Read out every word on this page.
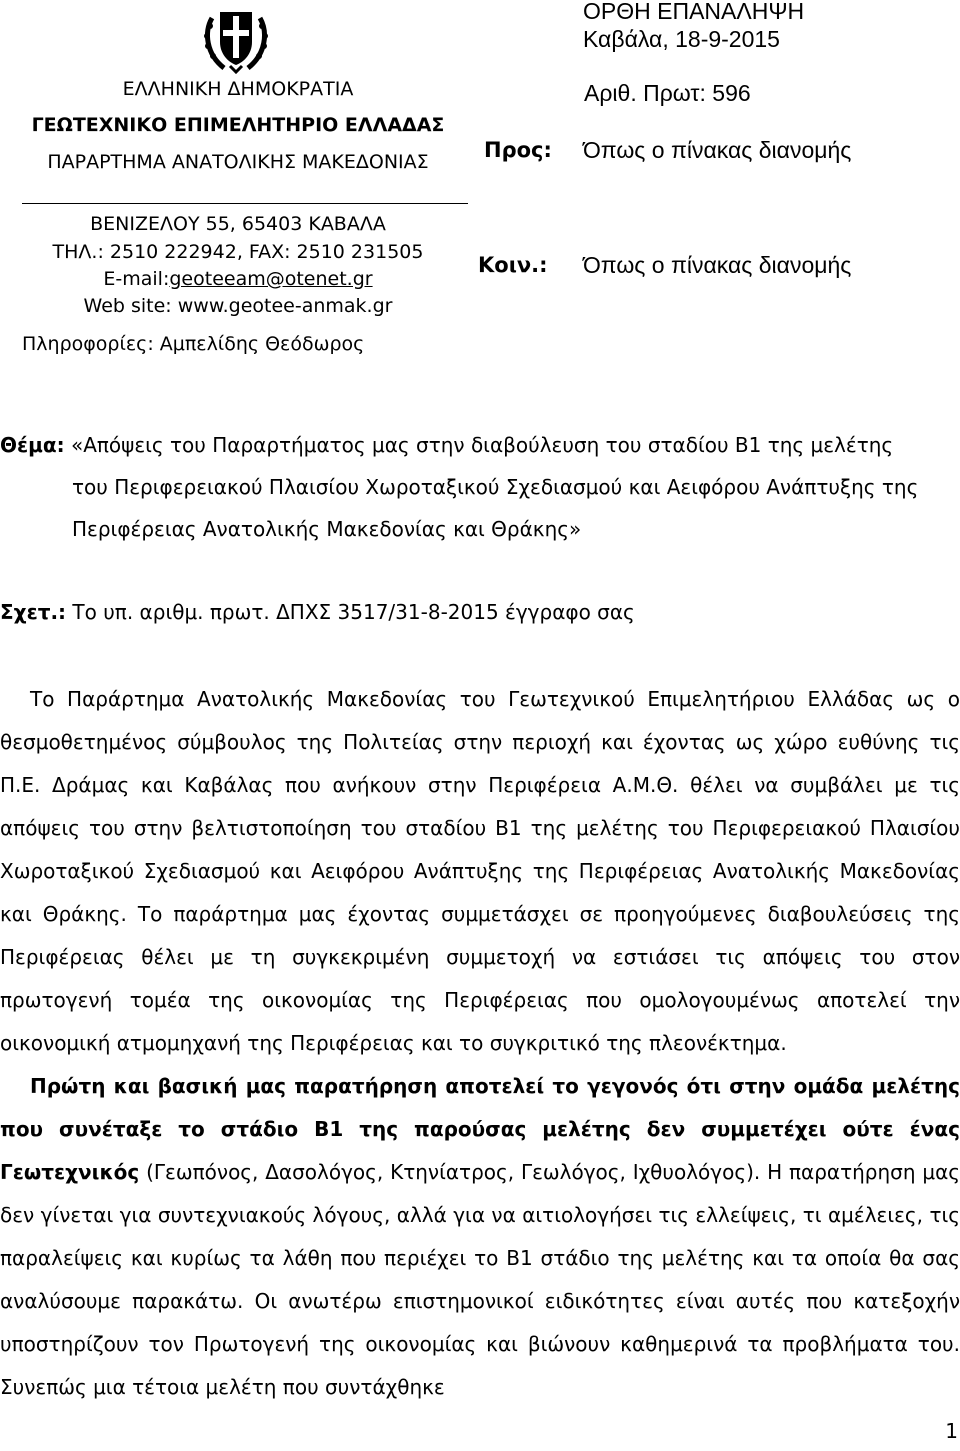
ΕΛΛΗΝΙΚΗ ΔΗΜΟΚΡΑΤΙΑ
ΓΕΩΤΕΧΝΙΚΟ ΕΠΙΜΕΛΗΤΗΡΙΟ ΕΛΛΑΔΑΣ
ΠΑΡΑΡΤΗΜΑ ΑΝΑΤΟΛΙΚΗΣ ΜΑΚΕΔΟΝΙΑΣ
ΒΕΝΙΖΕΛΟΥ 55, 65403 ΚΑΒΑΛΑ
ΤΗΛ.: 2510 222942, FAX: 2510 231505
E-mail:geoteeam@otenet.gr
Web site: www.geotee-anmak.gr
Πληροφορίες: Αμπελίδης Θεόδωρος
ΟΡΘΗ ΕΠΑΝΑΛΗΨΗ
Καβάλα, 18-9-2015
Αριθ. Πρωτ: 596
Προς: Όπως ο πίνακας διανομής
Κοιν.: Όπως ο πίνακας διανομής
Θέμα: «Απόψεις του Παραρτήματος μας στην διαβούλευση του σταδίου Β1 της μελέτης
του Περιφερειακού Πλαισίου Χωροταξικού Σχεδιασμού και Αειφόρου Ανάπτυξης της
Περιφέρειας Ανατολικής Μακεδονίας και Θράκης»
Σχετ.: Το υπ. αριθμ. πρωτ. ΔΠΧΣ 3517/31-8-2015 έγγραφο σας

Το Παράρτημα Ανατολικής Μακεδονίας του Γεωτεχνικού Επιμελητήριου Ελλάδας ως ο θεσμοθετημένος σύμβουλος της Πολιτείας στην περιοχή και έχοντας ως χώρο ευθύνης τις Π.Ε. Δράμας και Καβάλας που ανήκουν στην Περιφέρεια Α.Μ.Θ. θέλει να συμβάλει με τις απόψεις του στην βελτιστοποίηση του σταδίου Β1 της μελέτης του Περιφερειακού Πλαισίου Χωροταξικού Σχεδιασμού και Αειφόρου Ανάπτυξης της Περιφέρειας Ανατολικής Μακεδονίας και Θράκης. Το παράρτημα μας έχοντας συμμετάσχει σε προηγούμενες διαβουλεύσεις της Περιφέρειας θέλει με τη συγκεκριμένη συμμετοχή να εστιάσει τις απόψεις του στον πρωτογενή τομέα της οικονομίας της Περιφέρειας που ομολογουμένως αποτελεί την οικονομική ατμομηχανή της Περιφέρειας και το συγκριτικό της πλεονέκτημα.

Πρώτη και βασική μας παρατήρηση αποτελεί το γεγονός ότι στην ομάδα μελέτης που συνέταξε το στάδιο Β1 της παρούσας μελέτης δεν συμμετέχει ούτε ένας Γεωτεχνικός (Γεωπόνος, Δασολόγος, Κτηνίατρος, Γεωλόγος, Ιχθυολόγος). Η παρατήρηση μας δεν γίνεται για συντεχνιακούς λόγους, αλλά για να αιτιολογήσει τις ελλείψεις, τι αμέλειες, τις παραλείψεις και κυρίως τα λάθη που περιέχει το Β1 στάδιο της μελέτης και τα οποία θα σας αναλύσουμε παρακάτω. Οι ανωτέρω επιστημονικοί ειδικότητες είναι αυτές που κατεξοχήν υποστηρίζουν τον Πρωτογενή της οικονομίας και βιώνουν καθημερινά τα προβλήματα του. Συνεπώς μια τέτοια μελέτη που συντάχθηκε

1
